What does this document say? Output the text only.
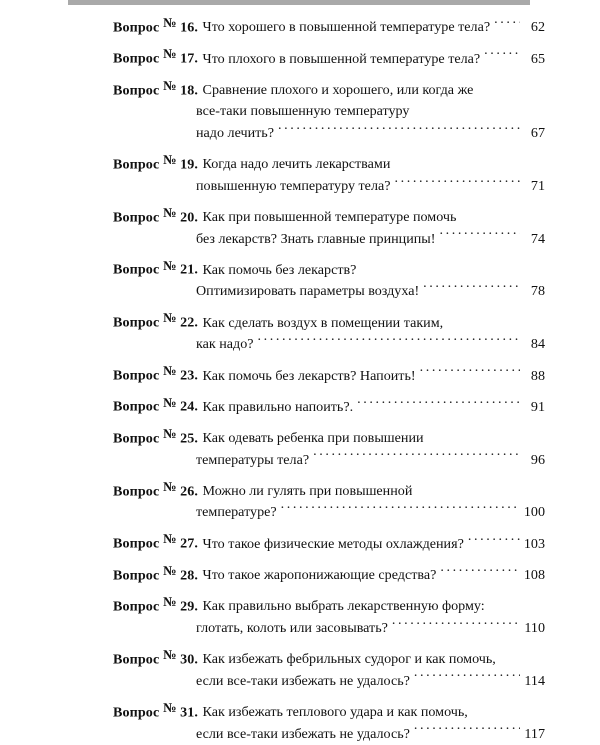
Вопрос № 16. Что хорошего в повышенной температуре тела? .....	62
Вопрос № 17. Что плохого в повышенной температуре тела? .....	65
Вопрос № 18. Сравнение плохого и хорошего, или когда же
все-таки повышенную температуру
надо лечить? .....	67
Вопрос № 19. Когда надо лечить лекарствами
повышенную температуру тела? .....	71
Вопрос № 20. Как при повышенной температуре помочь
без лекарств? Знать главные принципы! .....	74
Вопрос № 21. Как помочь без лекарств?
Оптимизировать параметры воздуха! .....	78
Вопрос № 22. Как сделать воздух в помещении таким,
как надо? .....	84
Вопрос № 23. Как помочь без лекарств? Напоить! .....	88
Вопрос № 24. Как правильно напоить?. .....	91
Вопрос № 25. Как одевать ребенка при повышении
температуры тела? .....	96
Вопрос № 26. Можно ли гулять при повышенной
температуре? .....	100
Вопрос № 27. Что такое физические методы охлаждения? .....	103
Вопрос № 28. Что такое жаропонижающие средства? .....	108
Вопрос № 29. Как правильно выбрать лекарственную форму:
глотать, колоть или засовывать? .....	110
Вопрос № 30. Как избежать фебрильных судорог и как помочь,
если все-таки избежать не удалось? .....	114
Вопрос № 31. Как избежать теплового удара и как помочь,
если все-таки избежать не удалось? .....	117
